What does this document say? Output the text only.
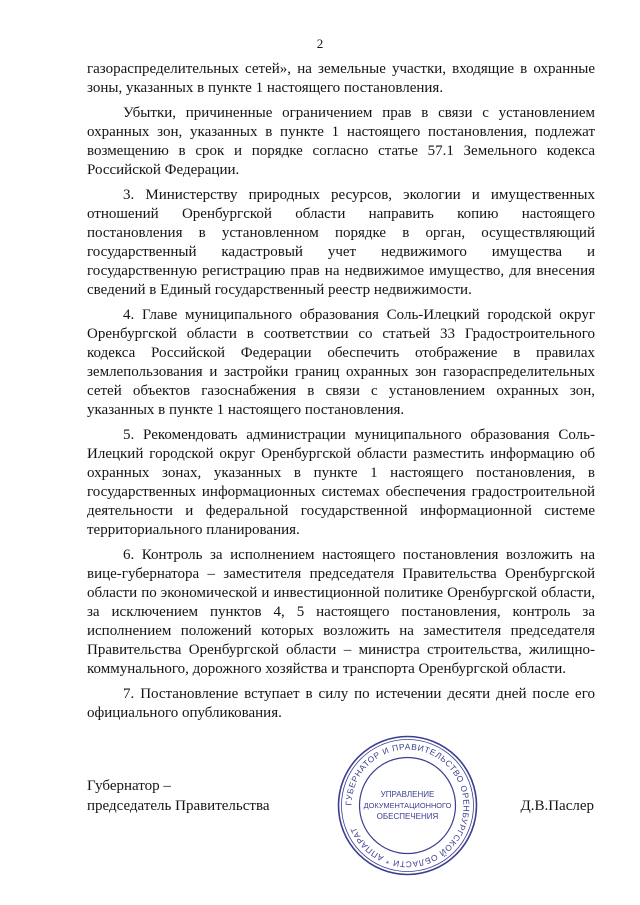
2

газораспределительных сетей», на земельные участки, входящие в охранные зоны, указанных в пункте 1 настоящего постановления.

Убытки, причиненные ограничением прав в связи с установлением охранных зон, указанных в пункте 1 настоящего постановления, подлежат возмещению в срок и порядке согласно статье 57.1 Земельного кодекса Российской Федерации.

3. Министерству природных ресурсов, экологии и имущественных отношений Оренбургской области направить копию настоящего постановления в установленном порядке в орган, осуществляющий государственный кадастровый учет недвижимого имущества и государственную регистрацию прав на недвижимое имущество, для внесения сведений в Единый государственный реестр недвижимости.

4. Главе муниципального образования Соль-Илецкий городской округ Оренбургской области в соответствии со статьей 33 Градостроительного кодекса Российской Федерации обеспечить отображение в правилах землепользования и застройки границ охранных зон газораспределительных сетей объектов газоснабжения в связи с установлением охранных зон, указанных в пункте 1 настоящего постановления.

5. Рекомендовать администрации муниципального образования Соль-Илецкий городской округ Оренбургской области разместить информацию об охранных зонах, указанных в пункте 1 настоящего постановления, в государственных информационных системах обеспечения градостроительной деятельности и федеральной государственной информационной системе территориального планирования.

6. Контроль за исполнением настоящего постановления возложить на вице-губернатора – заместителя председателя Правительства Оренбургской области по экономической и инвестиционной политике Оренбургской области, за исключением пунктов 4, 5 настоящего постановления, контроль за исполнением положений которых возложить на заместителя председателя Правительства Оренбургской области – министра строительства, жилищно-коммунального, дорожного хозяйства и транспорта Оренбургской области.

7. Постановление вступает в силу по истечении десяти дней после его официального опубликования.

Губернатор –
председатель Правительства	Д.В.Паслер
ГУБЕРНАТОР И ПРАВИТЕЛЬСТВО ОРЕНБУРГСКОЙ ОБЛАСТИ * АППАРАТ
УПРАВЛЕНИЕ
ДОКУМЕНТАЦИОННОГО
ОБЕСПЕЧЕНИЯ
